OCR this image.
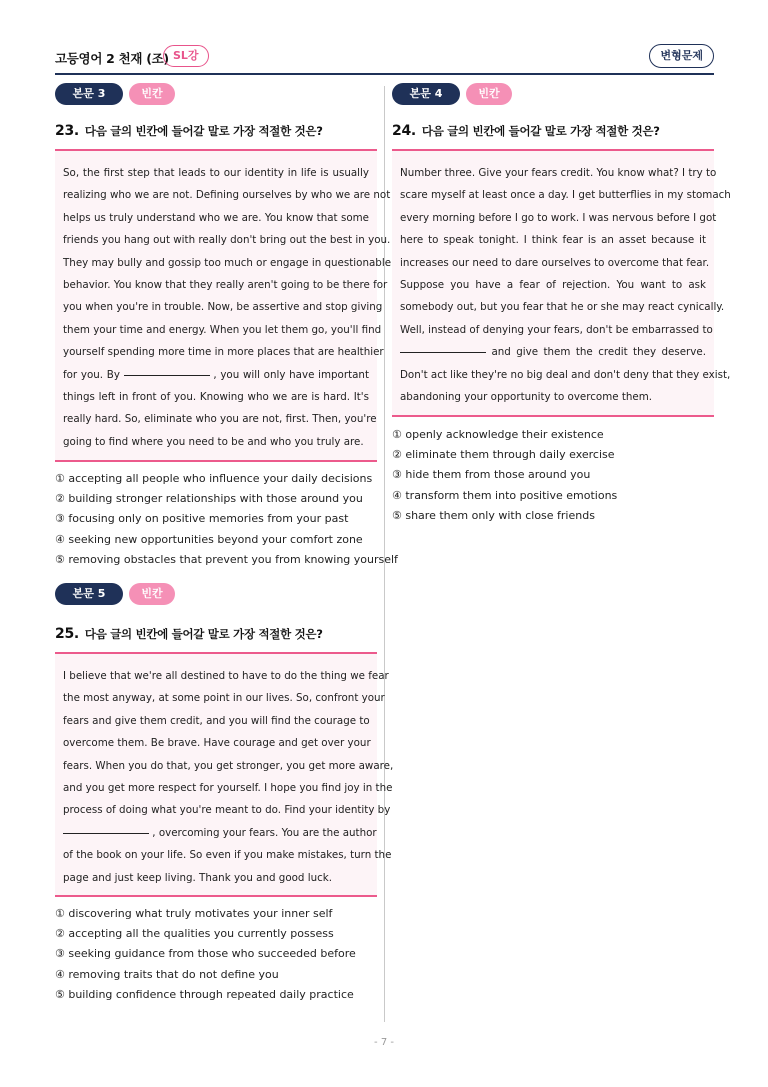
고등영어 2 천재 (조) SL강	변형문제
본문 3	빈칸
23. 다음 글의 빈칸에 들어갈 말로 가장 적절한 것은?
So, the first step that leads to our identity in life is usually
realizing who we are not. Defining ourselves by who we are not
helps us truly understand who we are. You know that some
friends you hang out with really don't bring out the best in you.
They may bully and gossip too much or engage in questionable
behavior. You know that they really aren't going to be there for
you when you're in trouble. Now, be assertive and stop giving
them your time and energy. When you let them go, you'll find
yourself spending more time in more places that are healthier
for you. By	, you will only have important
things left in front of you. Knowing who we are is hard. It's
really hard. So, eliminate who you are not, first. Then, you're
going to find where you need to be and who you truly are.
① accepting all people who influence your daily decisions
② building stronger relationships with those around you
③ focusing only on positive memories from your past
④ seeking new opportunities beyond your comfort zone
⑤ removing obstacles that prevent you from knowing yourself
본문 5	빈칸
25. 다음 글의 빈칸에 들어갈 말로 가장 적절한 것은?
I believe that we're all destined to have to do the thing we fear
the most anyway, at some point in our lives. So, confront your
fears and give them credit, and you will find the courage to
overcome them. Be brave. Have courage and get over your
fears. When you do that, you get stronger, you get more aware,
and you get more respect for yourself. I hope you find joy in the
process of doing what you're meant to do. Find your identity by
, overcoming your fears. You are the author
of the book on your life. So even if you make mistakes, turn the
page and just keep living. Thank you and good luck.
① discovering what truly motivates your inner self
② accepting all the qualities you currently possess
③ seeking guidance from those who succeeded before
④ removing traits that do not define you
⑤ building confidence through repeated daily practice
본문 4	빈칸
24. 다음 글의 빈칸에 들어갈 말로 가장 적절한 것은?
Number three. Give your fears credit. You know what? I try to
scare myself at least once a day. I get butterflies in my stomach
every morning before I go to work. I was nervous before I got
here to speak tonight. I think fear is an asset because it
increases our need to dare ourselves to overcome that fear.
Suppose you have a fear of rejection. You want to ask
somebody out, but you fear that he or she may react cynically.
Well, instead of denying your fears, don't be embarrassed to
and give them the credit they deserve.
Don't act like they're no big deal and don't deny that they exist,
abandoning your opportunity to overcome them.
① openly acknowledge their existence
② eliminate them through daily exercise
③ hide them from those around you
④ transform them into positive emotions
⑤ share them only with close friends
- 7 -
